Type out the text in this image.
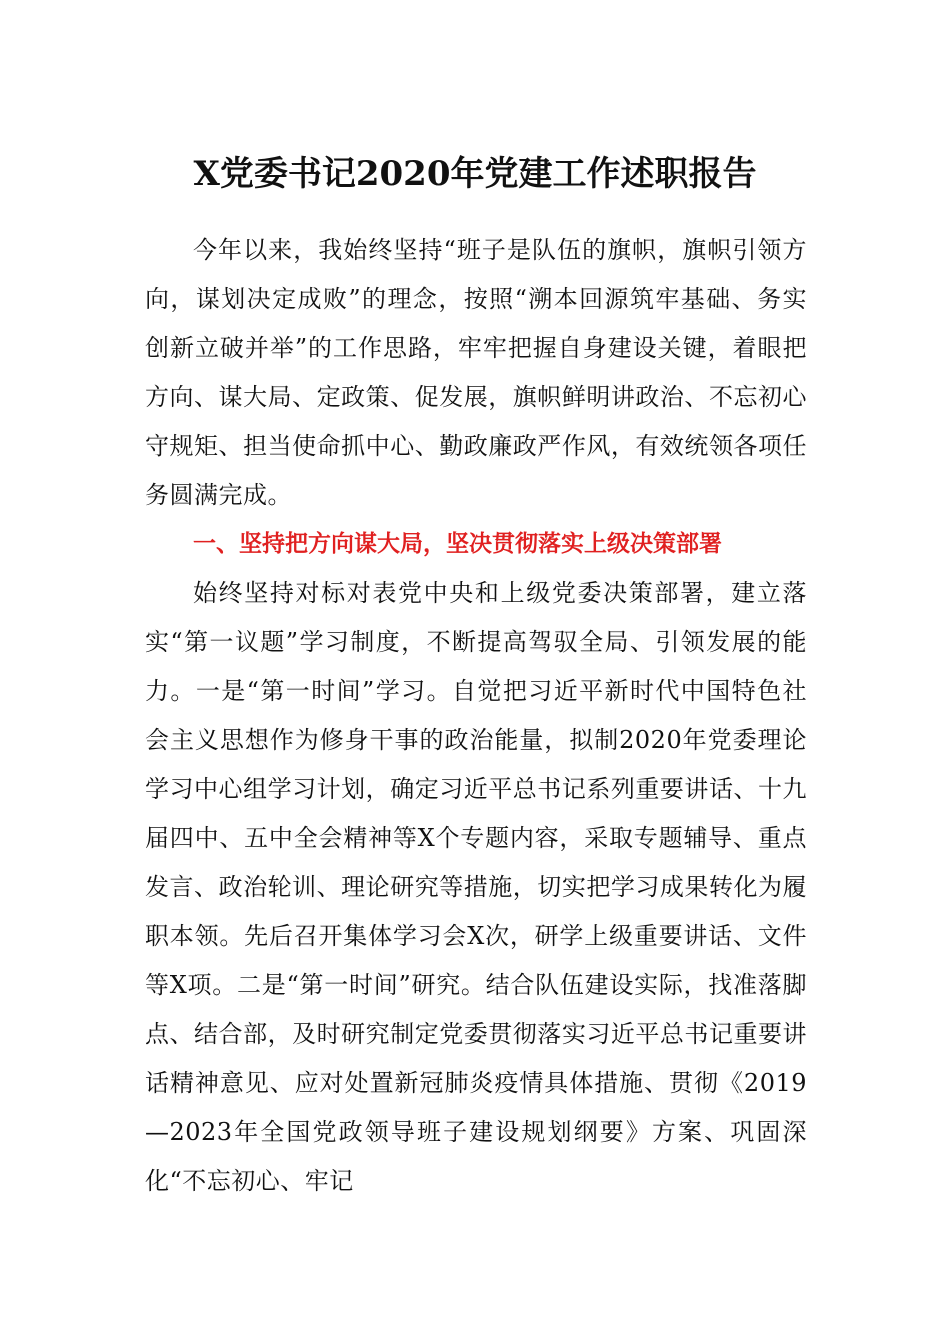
X党委书记2020年党建工作述职报告

今年以来，我始终坚持“班子是队伍的旗帜，旗帜引领方向，谋划决定成败”的理念，按照“溯本回源筑牢基础、务实创新立破并举”的工作思路，牢牢把握自身建设关键，着眼把方向、谋大局、定政策、促发展，旗帜鲜明讲政治、不忘初心守规矩、担当使命抓中心、勤政廉政严作风，有效统领各项任务圆满完成。

一、坚持把方向谋大局，坚决贯彻落实上级决策部署

始终坚持对标对表党中央和上级党委决策部署，建立落实“第一议题”学习制度，不断提高驾驭全局、引领发展的能力。一是“第一时间”学习。自觉把习近平新时代中国特色社会主义思想作为修身干事的政治能量，拟制2020年党委理论学习中心组学习计划，确定习近平总书记系列重要讲话、十九届四中、五中全会精神等X个专题内容，采取专题辅导、重点发言、政治轮训、理论研究等措施，切实把学习成果转化为履职本领。先后召开集体学习会X次，研学上级重要讲话、文件等X项。二是“第一时间”研究。结合队伍建设实际，找准落脚点、结合部，及时研究制定党委贯彻落实习近平总书记重要讲话精神意见、应对处置新冠肺炎疫情具体措施、贯彻《2019—2023年全国党政领导班子建设规划纲要》方案、巩固深化“不忘初心、牢记
